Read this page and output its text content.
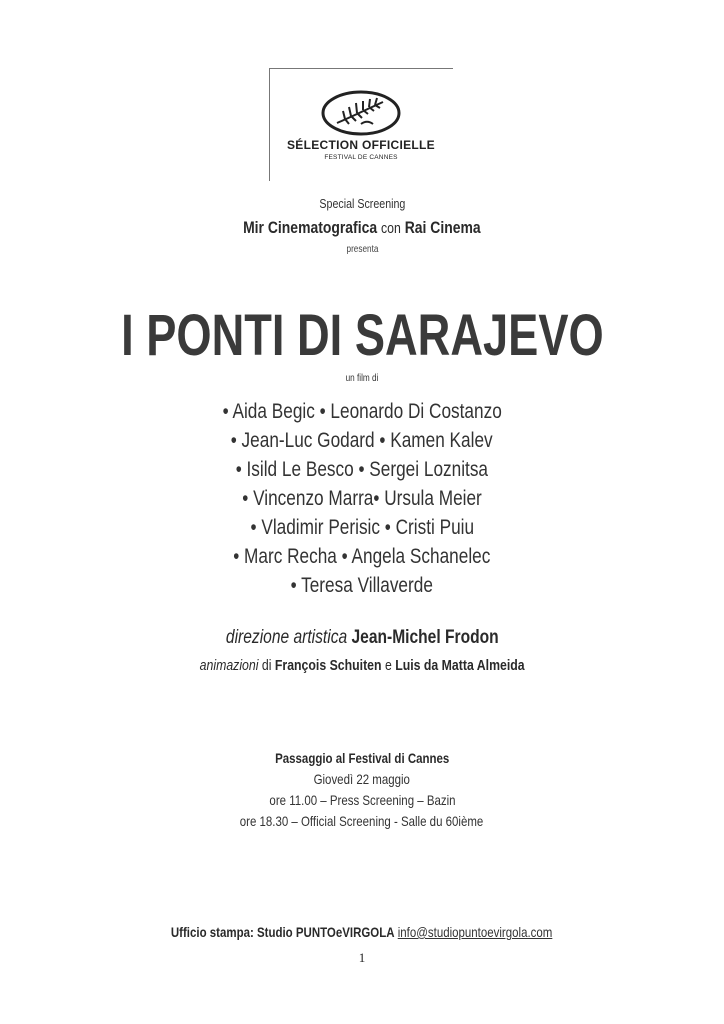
SÉLECTION OFFICIELLE
FESTIVAL DE CANNES
Special Screening
Mir Cinematografica con Rai Cinema
presenta
I PONTI DI SARAJEVO
un film di
• Aida Begic • Leonardo Di Costanzo
• Jean-Luc Godard • Kamen Kalev
• Isild Le Besco • Sergei Loznitsa
• Vincenzo Marra• Ursula Meier
• Vladimir Perisic • Cristi Puiu
• Marc Recha • Angela Schanelec
• Teresa Villaverde
direzione artistica Jean-Michel Frodon
animazioni di François Schuiten e Luis da Matta Almeida
Passaggio al Festival di Cannes
Giovedì 22 maggio
ore 11.00 – Press Screening – Bazin
ore 18.30 – Official Screening - Salle du 60ième
Ufficio stampa: Studio PUNTOeVIRGOLA info@studiopuntoevirgola.com
1
